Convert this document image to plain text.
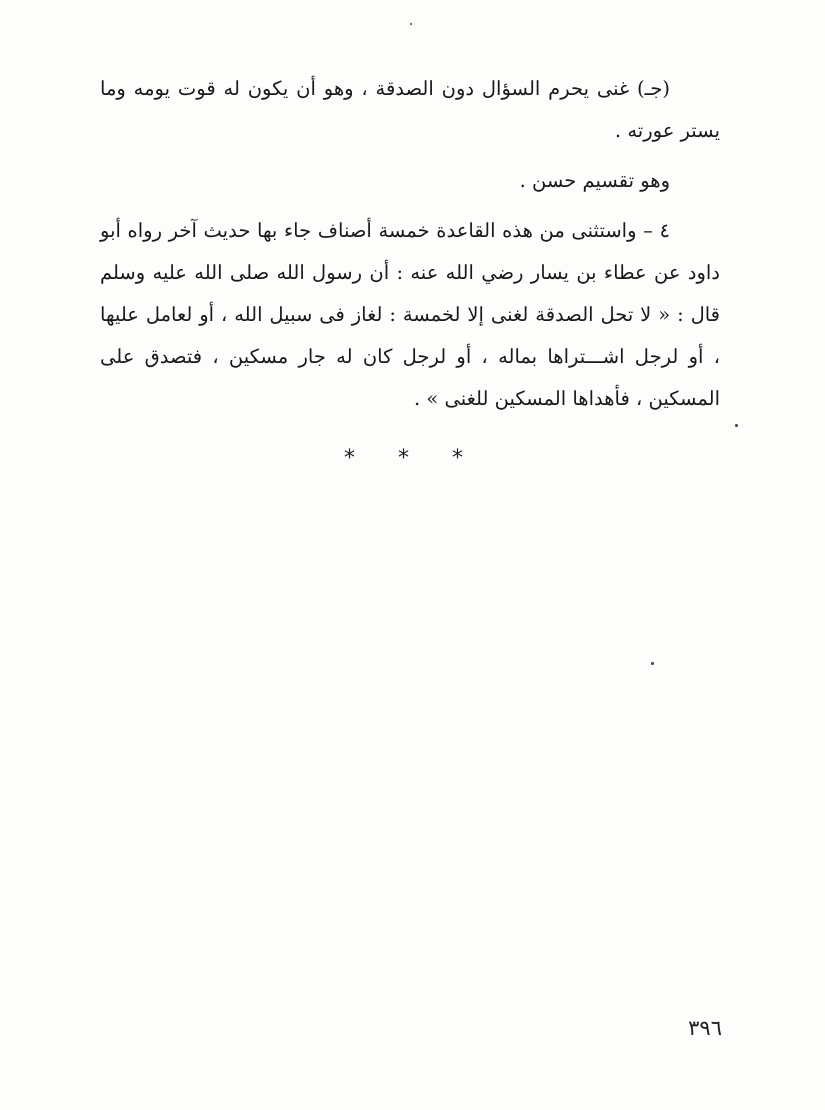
(جـ) غنى يحرم السؤال دون الصدقة ، وهو أن يكون له قوت يومه وما يستر عورته .

وهو تقسيم حسن .

٤ – واستثنى من هذه القاعدة خمسة أصناف جاء بها حديث آخر رواه أبو داود عن عطاء بن يسار رضي الله عنه : أن رسول الله صلى الله عليه وسلم قال : « لا تحل الصدقة لغنى إلا لخمسة : لغاز فى سبيل الله ، أو لعامل عليها ، أو لرجل اشـــتراها بماله ، أو لرجل كان له جار مسكين ، فتصدق على المسكين ، فأهداها المسكين للغنى » .

* * *
٣٩٦
